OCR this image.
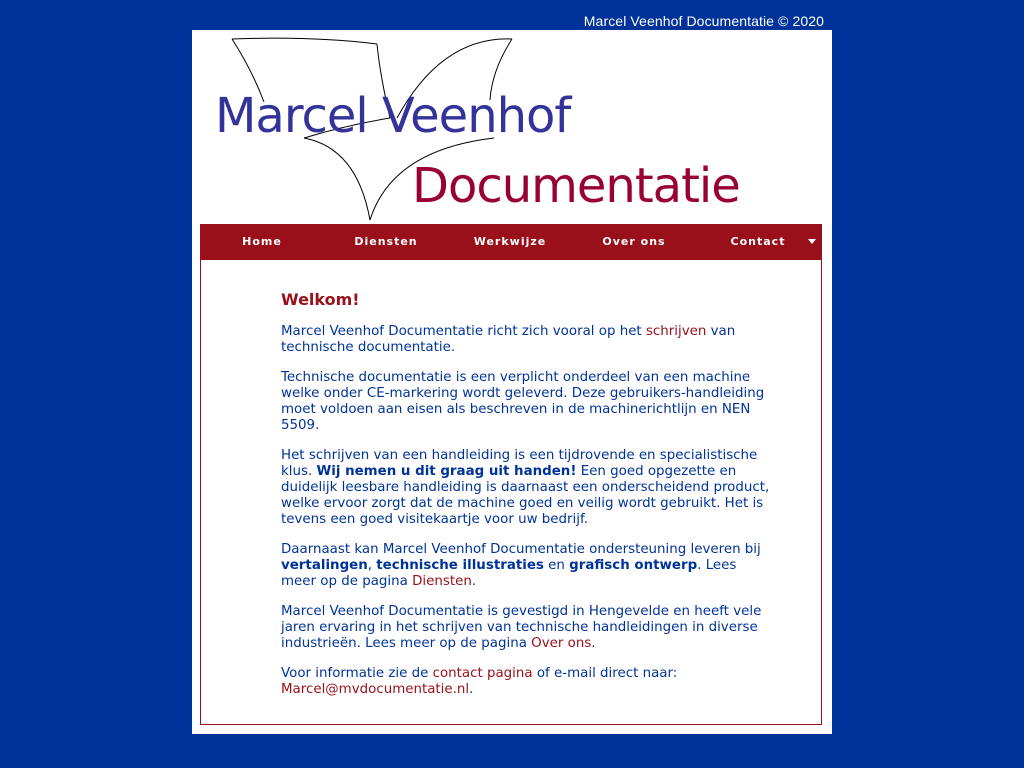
Marcel Veenhof Documentatie © 2020
Marcel Veenhof
Documentatie
Home	Diensten	Werkwijze	Over ons	Contact
Welkom!

Marcel Veenhof Documentatie richt zich vooral op het schrijven van technische documentatie.

Technische documentatie is een verplicht onderdeel van een machine welke onder CE-markering wordt geleverd. Deze gebruikers-handleiding moet voldoen aan eisen als beschreven in de machinerichtlijn en NEN 5509.

Het schrijven van een handleiding is een tijdrovende en specialistische klus. Wij nemen u dit graag uit handen! Een goed opgezette en duidelijk leesbare handleiding is daarnaast een onderscheidend product, welke ervoor zorgt dat de machine goed en veilig wordt gebruikt. Het is tevens een goed visitekaartje voor uw bedrijf.

Daarnaast kan Marcel Veenhof Documentatie ondersteuning leveren bij vertalingen, technische illustraties en grafisch ontwerp. Lees meer op de pagina Diensten.

Marcel Veenhof Documentatie is gevestigd in Hengevelde en heeft vele jaren ervaring in het schrijven van technische handleidingen in diverse industrieën. Lees meer op de pagina Over ons.

Voor informatie zie de contact pagina of e-mail direct naar: Marcel@mvdocumentatie.nl.
